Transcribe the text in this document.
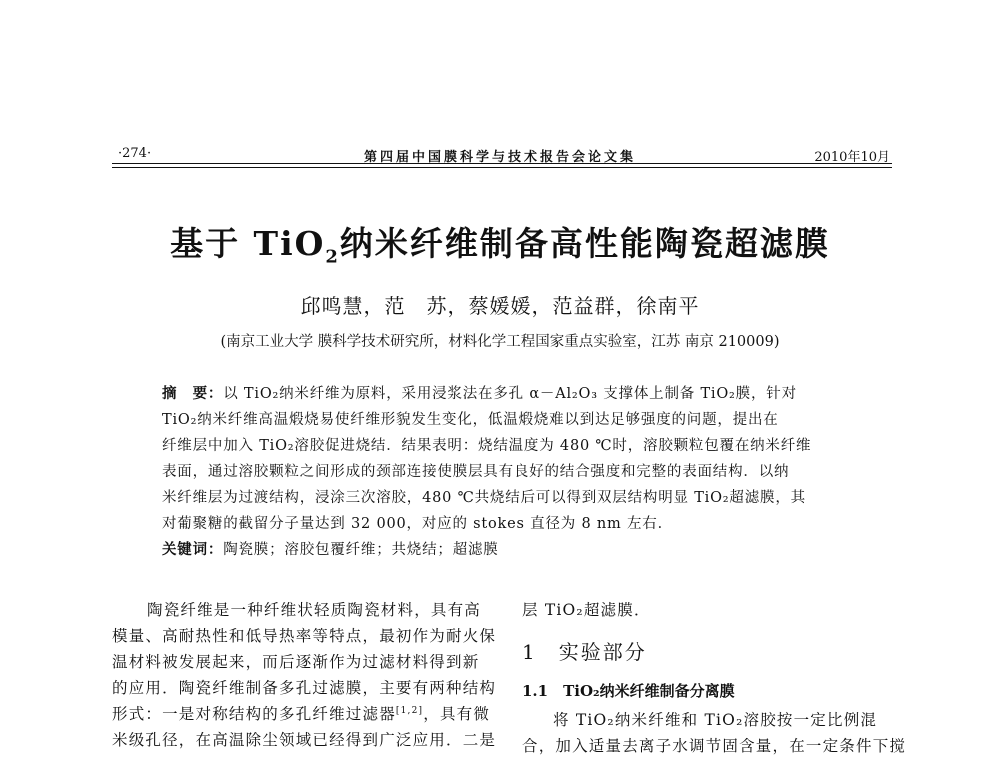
·274·	第四届中国膜科学与技术报告会论文集	2010年10月
基于 TiO$_2$纳米纤维制备高性能陶瓷超滤膜
邱鸣慧，范　苏，蔡媛媛，范益群，徐南平
(南京工业大学 膜科学技术研究所，材料化学工程国家重点实验室，江苏 南京 210009)
摘　要：以 TiO₂纳米纤维为原料，采用浸浆法在多孔 α－Al₂O₃ 支撑体上制备 TiO₂膜，针对
TiO₂纳米纤维高温煅烧易使纤维形貌发生变化，低温煅烧难以到达足够强度的问题，提出在
纤维层中加入 TiO₂溶胶促进烧结．结果表明：烧结温度为 480 ℃时，溶胶颗粒包覆在纳米纤维
表面，通过溶胶颗粒之间形成的颈部连接使膜层具有良好的结合强度和完整的表面结构．以纳
米纤维层为过渡结构，浸涂三次溶胶，480 ℃共烧结后可以得到双层结构明显 TiO₂超滤膜，其
对葡聚糖的截留分子量达到 32 000，对应的 stokes 直径为 8 nm 左右．
关键词：陶瓷膜；溶胶包覆纤维；共烧结；超滤膜
陶瓷纤维是一种纤维状轻质陶瓷材料，具有高
模量、高耐热性和低导热率等特点，最初作为耐火保
温材料被发展起来，而后逐渐作为过滤材料得到新
的应用．陶瓷纤维制备多孔过滤膜，主要有两种结构
形式：一是对称结构的多孔纤维过滤器[1,2]，具有微
米级孔径，在高温除尘领域已经得到广泛应用．二是
层 TiO₂超滤膜．
1　 实验部分
1.1　 TiO₂纳米纤维制备分离膜
将 TiO₂纳米纤维和 TiO₂溶胶按一定比例混
合，加入适量去离子水调节固含量，在一定条件下搅
